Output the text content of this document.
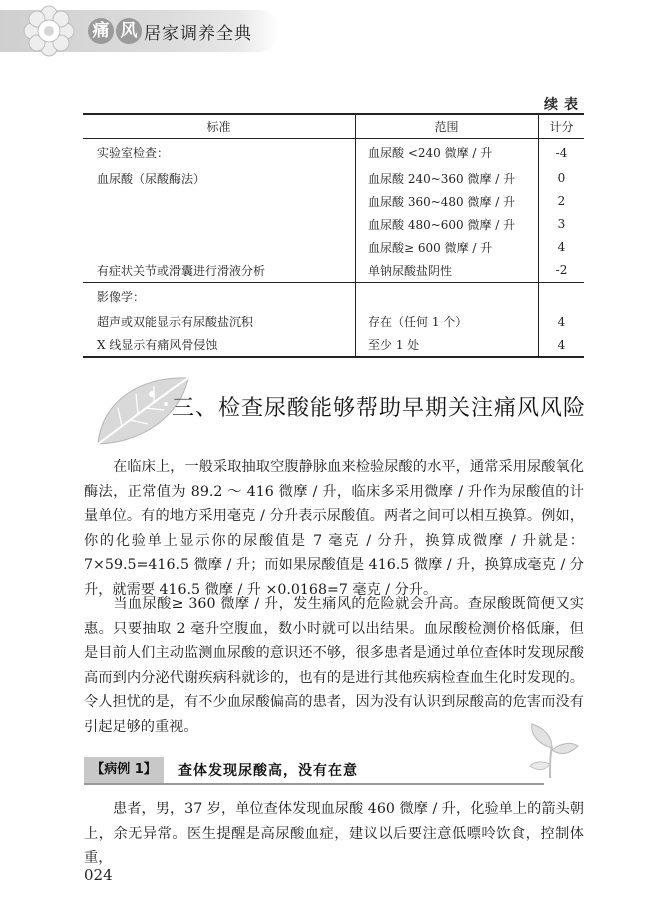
痛 风 居家调养全典
续表
标准	范围	计分
实验室检查：	血尿酸 <240 微摩 / 升	-4
血尿酸（尿酸酶法）	血尿酸 240~360 微摩 / 升	0
	血尿酸 360~480 微摩 / 升	2
	血尿酸 480~600 微摩 / 升	3
	血尿酸≥ 600 微摩 / 升	4
有症状关节或滑囊进行滑液分析	单钠尿酸盐阴性	-2
影像学：		
超声或双能显示有尿酸盐沉积	存在（任何 1 个）	4
X 线显示有痛风骨侵蚀	至少 1 处	4
三、检查尿酸能够帮助早期关注痛风风险

在临床上，一般采取抽取空腹静脉血来检验尿酸的水平，通常采用尿酸氧化酶法，正常值为 89.2 ～ 416 微摩 / 升，临床多采用微摩 / 升作为尿酸值的计量单位。有的地方采用毫克 / 分升表示尿酸值。两者之间可以相互换算。例如，你的化验单上显示你的尿酸值是 7 毫克 / 分升，换算成微摩 / 升就是：7×59.5=416.5 微摩 / 升；而如果尿酸值是 416.5 微摩 / 升，换算成毫克 / 分升，就需要 416.5 微摩 / 升 ×0.0168=7 毫克 / 分升。

当血尿酸≥ 360 微摩 / 升，发生痛风的危险就会升高。查尿酸既简便又实惠。只要抽取 2 毫升空腹血，数小时就可以出结果。血尿酸检测价格低廉，但是目前人们主动监测血尿酸的意识还不够，很多患者是通过单位查体时发现尿酸高而到内分泌代谢疾病科就诊的，也有的是进行其他疾病检查血生化时发现的。令人担忧的是，有不少血尿酸偏高的患者，因为没有认识到尿酸高的危害而没有引起足够的重视。

【病例 1】	查体发现尿酸高，没有在意

患者，男，37 岁，单位查体发现血尿酸 460 微摩 / 升，化验单上的箭头朝上，余无异常。医生提醒是高尿酸血症，建议以后要注意低嘌呤饮食，控制体重，

024
